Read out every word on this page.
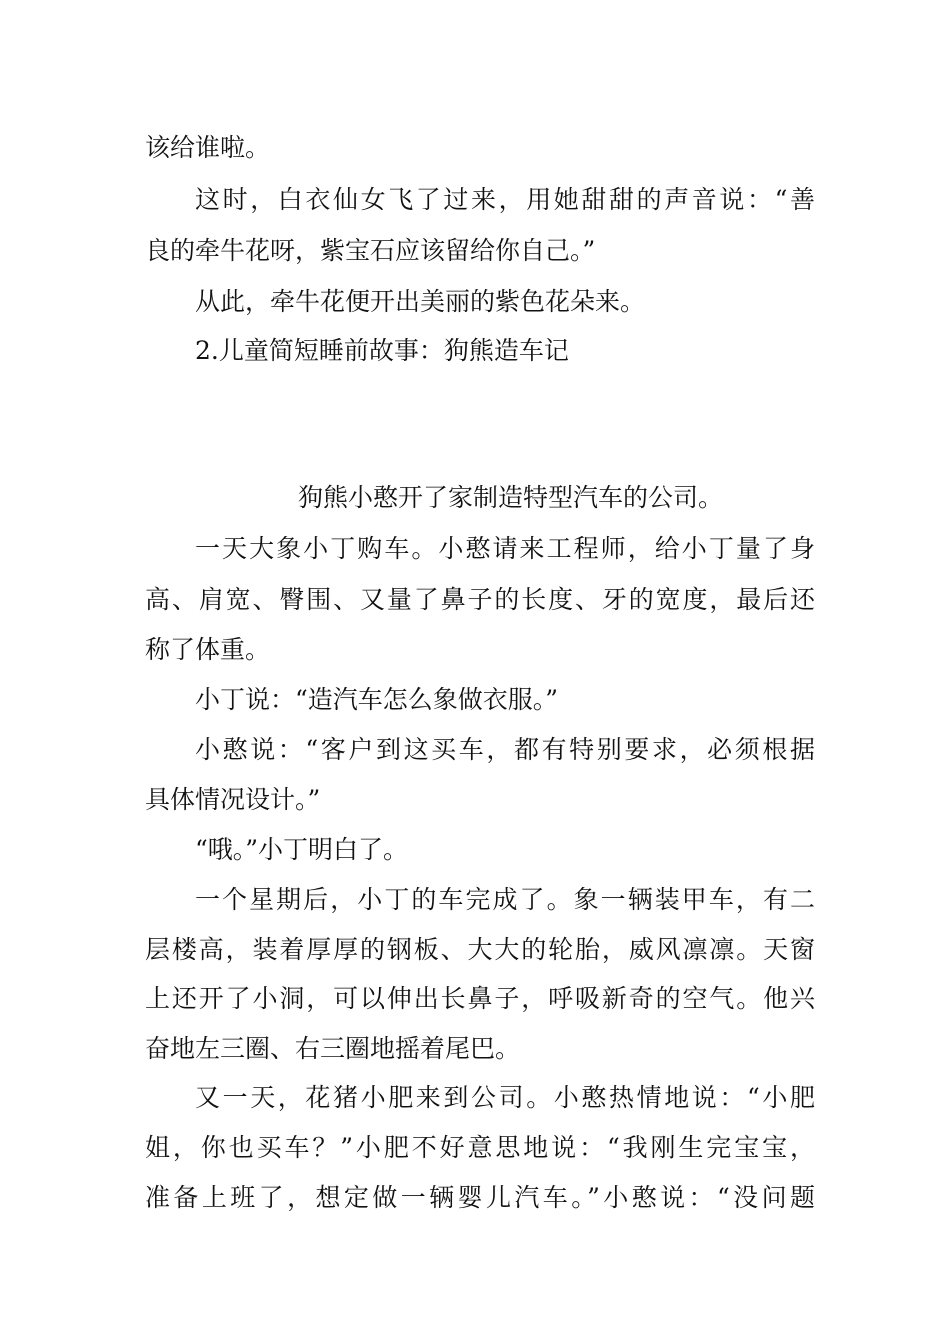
该给谁啦。
这时，白衣仙女飞了过来，用她甜甜的声音说：“善
良的牵牛花呀，紫宝石应该留给你自己。”
从此，牵牛花便开出美丽的紫色花朵来。
2.儿童简短睡前故事：狗熊造车记
狗熊小憨开了家制造特型汽车的公司。
一天大象小丁购车。小憨请来工程师，给小丁量了身
高、肩宽、臀围、又量了鼻子的长度、牙的宽度，最后还
称了体重。
小丁说：“造汽车怎么象做衣服。”
小憨说：“客户到这买车，都有特别要求，必须根据
具体情况设计。”
“哦。”小丁明白了。
一个星期后，小丁的车完成了。象一辆装甲车，有二
层楼高，装着厚厚的钢板、大大的轮胎，威风凛凛。天窗
上还开了小洞，可以伸出长鼻子，呼吸新奇的空气。他兴
奋地左三圈、右三圈地摇着尾巴。
又一天，花猪小肥来到公司。小憨热情地说：“小肥
姐，你也买车？”小肥不好意思地说：“我刚生完宝宝，
准备上班了，想定做一辆婴儿汽车。”小憨说：“没问题
